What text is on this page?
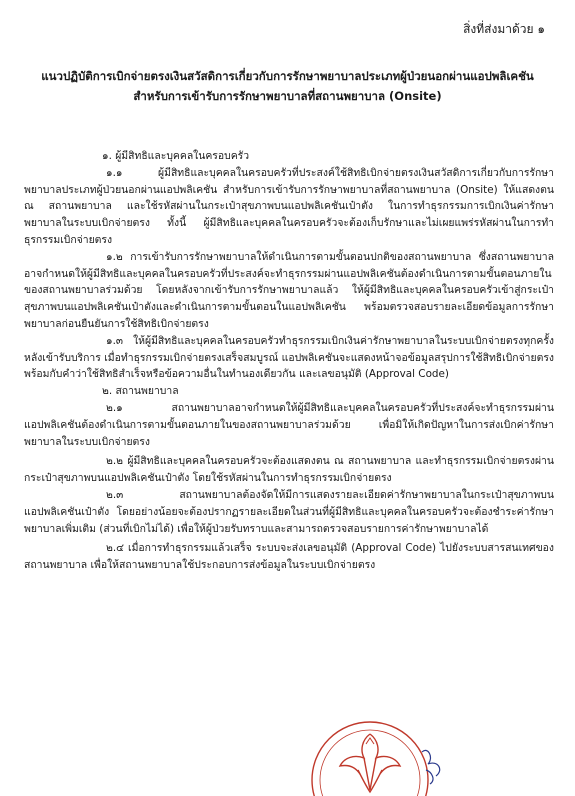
สิ่งที่ส่งมาด้วย ๑
แนวปฏิบัติการเบิกจ่ายตรงเงินสวัสดิการเกี่ยวกับการรักษาพยาบาลประเภทผู้ป่วยนอกผ่านแอปพลิเคชัน
สำหรับการเข้ารับการรักษาพยาบาลที่สถานพยาบาล (Onsite)

๑. ผู้มีสิทธิและบุคคลในครอบครัว

๑.๑ ผู้มีสิทธิและบุคคลในครอบครัวที่ประสงค์ใช้สิทธิเบิกจ่ายตรงเงินสวัสดิการเกี่ยวกับการรักษาพยาบาลประเภทผู้ป่วยนอกผ่านแอปพลิเคชัน สำหรับการเข้ารับการรักษาพยาบาลที่สถานพยาบาล (Onsite) ให้แสดงตน ณ สถานพยาบาล และใช้รหัสผ่านในกระเป๋าสุขภาพบนแอปพลิเคชันเป๋าตัง ในการทำธุรกรรมการเบิกเงินค่ารักษาพยาบาลในระบบเบิกจ่ายตรง ทั้งนี้ ผู้มีสิทธิและบุคคลในครอบครัวจะต้องเก็บรักษาและไม่เผยแพร่รหัสผ่านในการทำธุรกรรมเบิกจ่ายตรง

๑.๒ การเข้ารับการรักษาพยาบาลให้ดำเนินการตามขั้นตอนปกติของสถานพยาบาล ซึ่งสถานพยาบาลอาจกำหนดให้ผู้มีสิทธิและบุคคลในครอบครัวที่ประสงค์จะทำธุรกรรมผ่านแอปพลิเคชันต้องดำเนินการตามขั้นตอนภายในของสถานพยาบาลร่วมด้วย โดยหลังจากเข้ารับการรักษาพยาบาลแล้ว ให้ผู้มีสิทธิและบุคคลในครอบครัวเข้าสู่กระเป๋าสุขภาพบนแอปพลิเคชันเป๋าตังและดำเนินการตามขั้นตอนในแอปพลิเคชัน พร้อมตรวจสอบรายละเอียดข้อมูลการรักษาพยาบาลก่อนยืนยันการใช้สิทธิเบิกจ่ายตรง

๑.๓ ให้ผู้มีสิทธิและบุคคลในครอบครัวทำธุรกรรมเบิกเงินค่ารักษาพยาบาลในระบบเบิกจ่ายตรงทุกครั้งหลังเข้ารับบริการ เมื่อทำธุรกรรมเบิกจ่ายตรงเสร็จสมบูรณ์ แอปพลิเคชันจะแสดงหน้าจอข้อมูลสรุปการใช้สิทธิเบิกจ่ายตรง พร้อมกับคำว่าใช้สิทธิสำเร็จหรือข้อความอื่นในทำนองเดียวกัน และเลขอนุมัติ (Approval Code)

๒. สถานพยาบาล

๒.๑ สถานพยาบาลอาจกำหนดให้ผู้มีสิทธิและบุคคลในครอบครัวที่ประสงค์จะทำธุรกรรมผ่านแอปพลิเคชันต้องดำเนินการตามขั้นตอนภายในของสถานพยาบาลร่วมด้วย เพื่อมิให้เกิดปัญหาในการส่งเบิกค่ารักษาพยาบาลในระบบเบิกจ่ายตรง

๒.๒ ผู้มีสิทธิและบุคคลในครอบครัวจะต้องแสดงตน ณ สถานพยาบาล และทำธุรกรรมเบิกจ่ายตรงผ่านกระเป๋าสุขภาพบนแอปพลิเคชันเป๋าตัง โดยใช้รหัสผ่านในการทำธุรกรรมเบิกจ่ายตรง

๒.๓ สถานพยาบาลต้องจัดให้มีการแสดงรายละเอียดค่ารักษาพยาบาลในกระเป๋าสุขภาพบนแอปพลิเคชันเป๋าตัง โดยอย่างน้อยจะต้องปรากฏรายละเอียดในส่วนที่ผู้มีสิทธิและบุคคลในครอบครัวจะต้องชำระค่ารักษาพยาบาลเพิ่มเติม (ส่วนที่เบิกไม่ได้) เพื่อให้ผู้ป่วยรับทราบและสามารถตรวจสอบรายการค่ารักษาพยาบาลได้

๒.๔ เมื่อการทำธุรกรรมแล้วเสร็จ ระบบจะส่งเลขอนุมัติ (Approval Code) ไปยังระบบสารสนเทศของสถานพยาบาล เพื่อให้สถานพยาบาลใช้ประกอบการส่งข้อมูลในระบบเบิกจ่ายตรง
